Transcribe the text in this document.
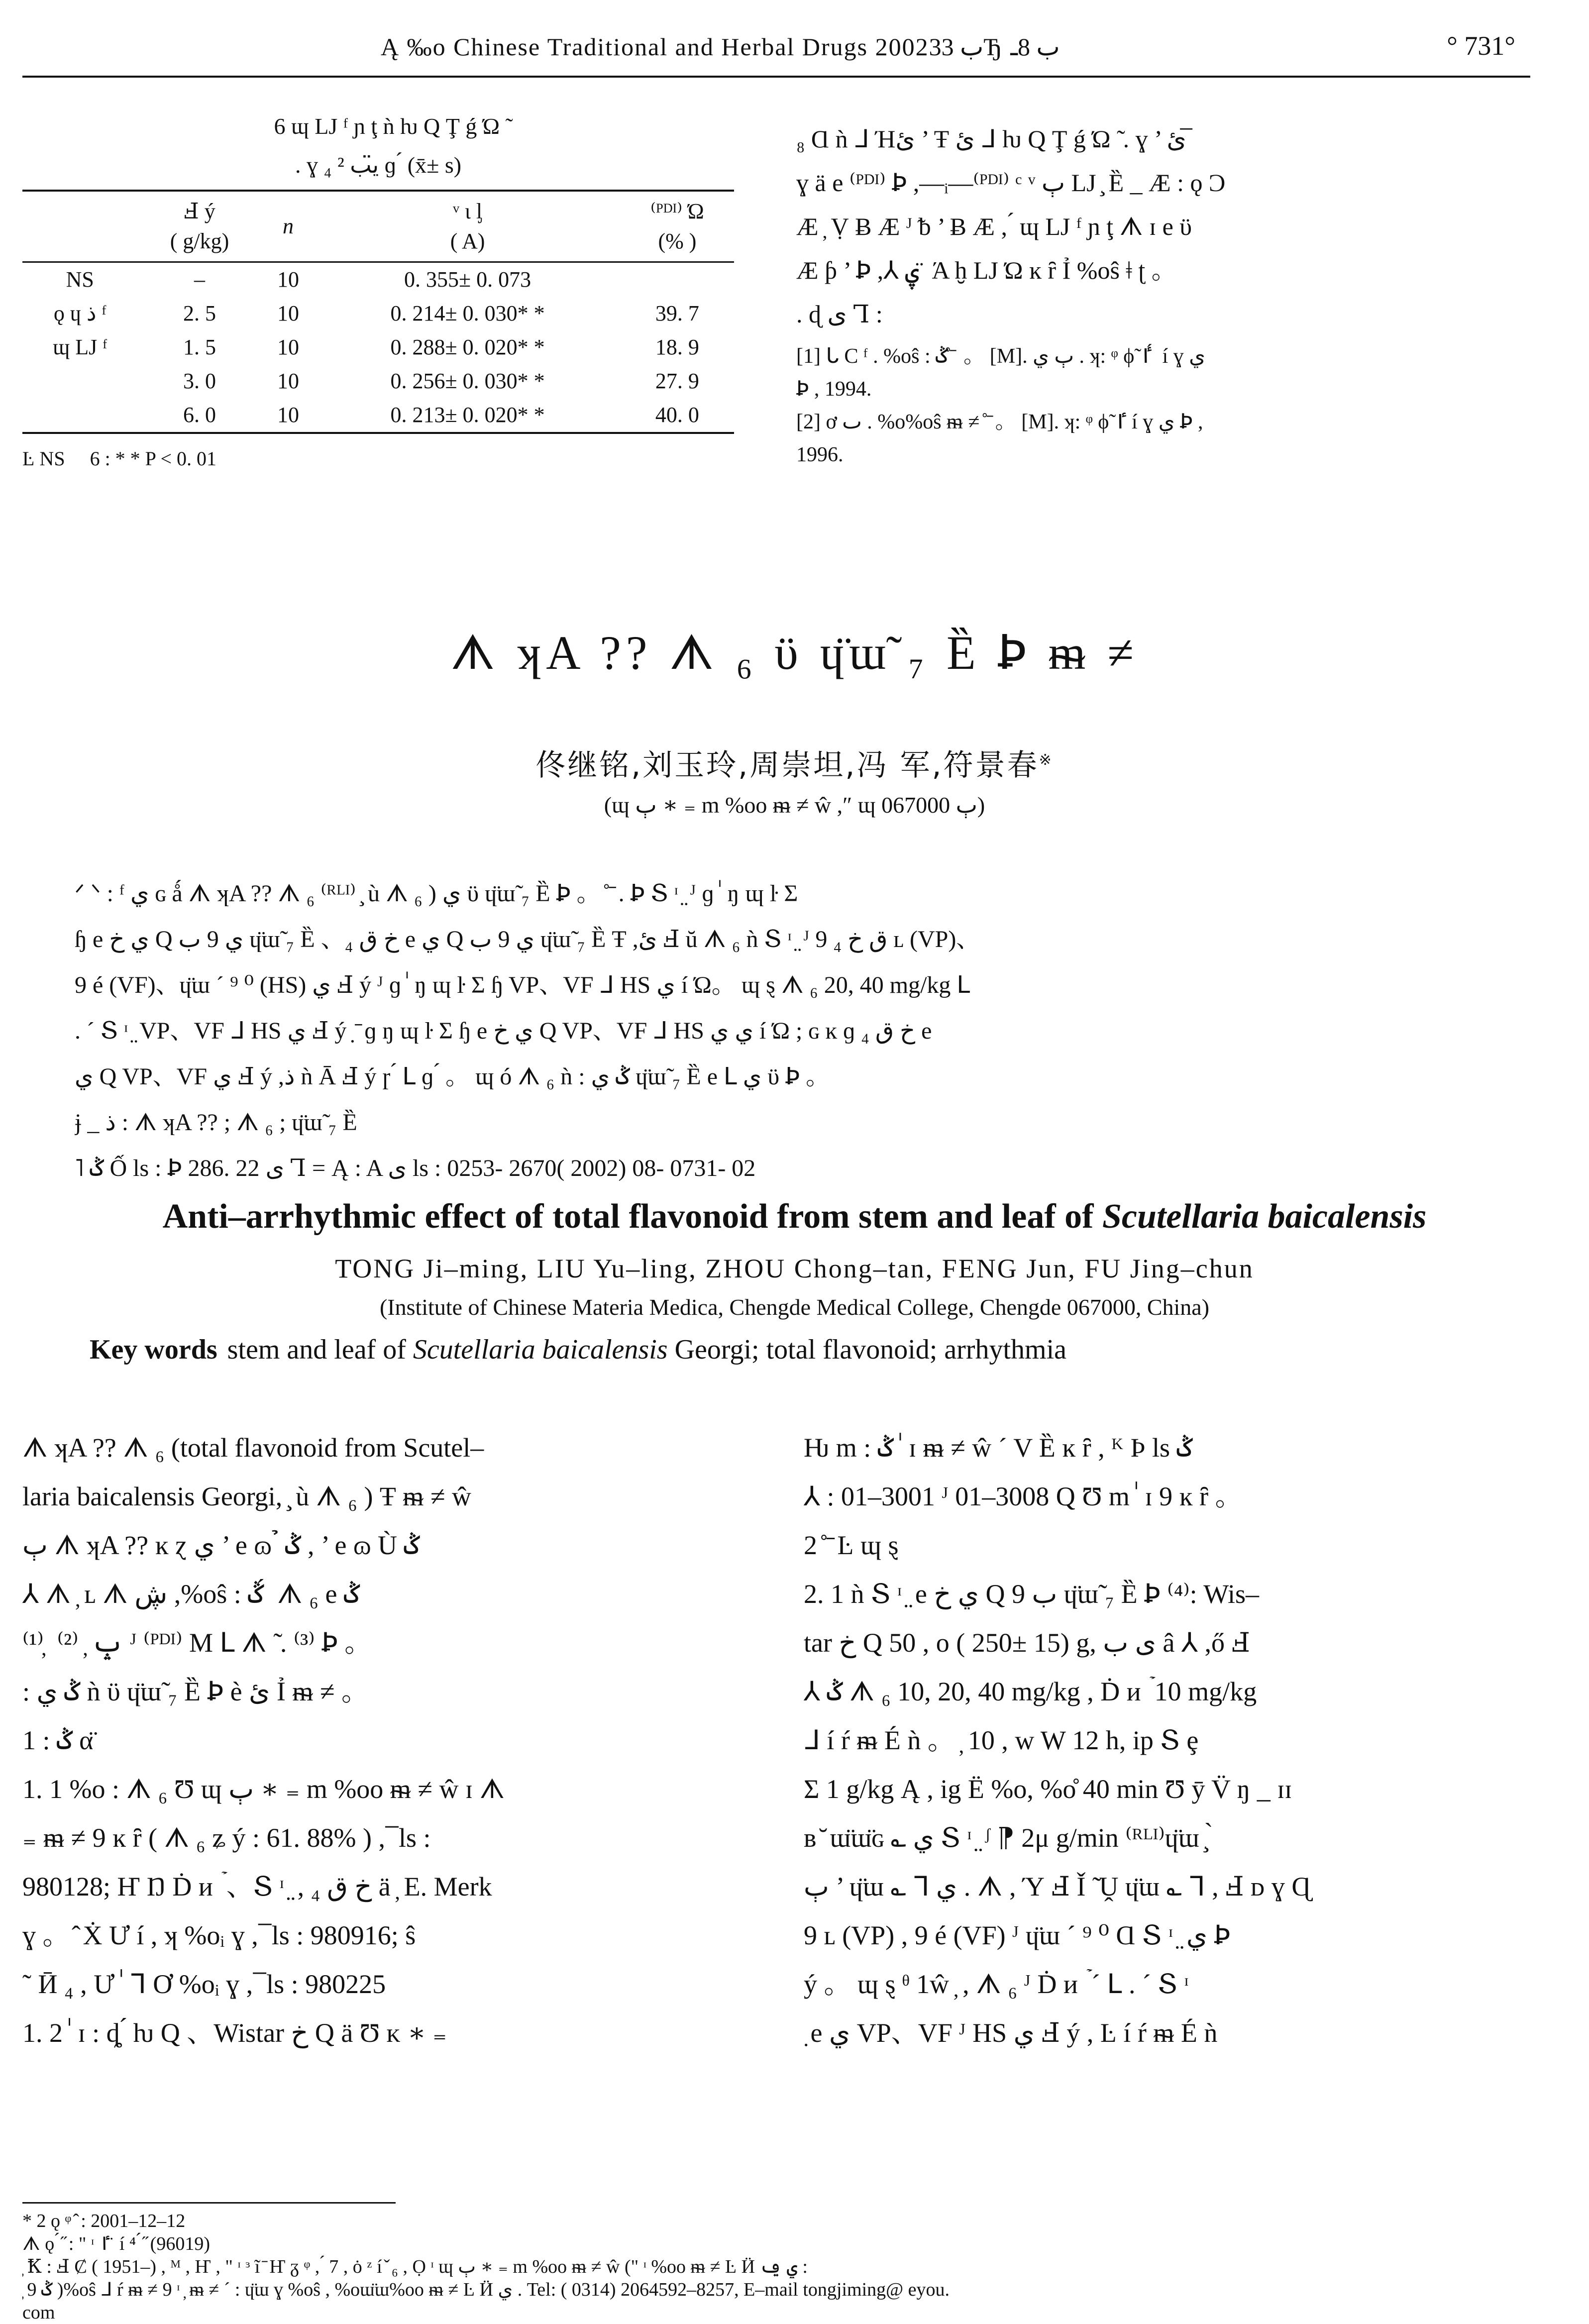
Ą ‰o Chinese Traditional and Herbal Drugs 2002ب 33Ђ ب 8ـ	° 731°
　6 ɰ LJ ᶠ ɲ ţ ǹ ƕ Q Ţ ǵ Ώ ̃
. ɣ ₄ ² ي̈ب ɡ ́ (x̄± s)
　	Ⅎ ý
( g/kg)	n	ᵛ ι ᶅ
( A)	⁽ᴾᴰᴵ⁾ Ώ
(% )
NS	–	10	0. 355± 0. 073	
ǫ ɥ ذ ᶠ	2. 5	10	0. 214± 0. 030* *	39. 7
ɰ LJ ᶠ	1. 5	10	0. 288± 0. 020* *	18. 9
	3. 0	10	0. 256± 0. 030* *	27. 9
	6. 0	10	0. 213± 0. 020* *	40. 0
Ŀ NS 　6 : * * P < 0. 01

₈ Ɑ ǹ ᒧ Ήئ ’ Ŧ ئ ᒧ ƕ Q Ţ ǵ Ώ ̃ . ɣ ’ ئ ̅

ɣ ä e ⁽ᴾᴰᴵ⁾ Ꝧ ,—ᵢ—⁽ᴾᴰᴵ⁾ ᶜ ᵛ ٻ LJ ̧ Ȅ _ Æ : ǫ Ͻ

Æ ̦ Ṿ Ƀ Æ ᴶ ᵬ ’ Ƀ Æ , ́ ɰ LJ ᶠ ɲ ţ ᗑ ɪ e ϋ

Æ ƥ ’ Ꝧ ,⅄ ۑ ̈ Ά ḫ LJ Ώ ĸ ȓ Ỉ %oŝ ǂ ʈ 。

. ɖ ی Ꞁ :

[1] ᒐ Ϲ ᶠ . %oŝ : ݣ ̊ ̄ 。 [M]. ٻ ي . ʞ: ᵠ ϕ̃ ٵ ́ í ɣ ي
Ꝧ , 1994.
[2] ơ ٮ . %o%oŝ ᵯ ≠ ̊ ̄ 。 [M]. ʞ: ᵠ ϕ̃ ٵ í ɣ ي Ꝧ ,
1996.
ᗑ ʞA ?? ᗑ ₆ ϋ ɥ̈ɯ̃ ₇ Ȅ Ꝧ ᵯ ≠
佟继铭,刘玉玲,周崇坦,冯 军,符景春※
(ɰ ٻ ∗ ₌ m %oo ᵯ ≠ ŵ ,″ ɰ ٻ 067000)
ᐟ ᐠ : ᶠ ي ɢ ǻ ᗑ ʞA ?? ᗑ ₆ ⁽ᴿᴸᴵ⁾ ̧ ù ᗑ ₆ ) ي ϋ ɥ̈ɯ̃ ₇ Ȅ Ꝧ 。 ̊ ̄ . Ꝧ Տ ᶦ ̤ ᴶ ɡ ٰ ŋ ɰ ŀ Σ
ɧ e ي خ Q ي 9 ب ɥ̈ɯ̃ ₇ Ȅ 、خ ق ₄ e ي Q ي 9 ب ɥ̈ɯ̃ ₇ Ȅ Ŧ ,ئ Ⅎ ŭ ᗑ ₆ ǹ Տ ᶦ ̤ ᴶ ق خ ₄ 9 ʟ (VP)、
9 é (VF)、ɥ̈ɯ ˊ ⁹ ⁰ (HS) ي Ⅎ ý ᴶ ɡ ٰ ŋ ɰ ŀ Σ ɧ VP、VF ᒧ HS ي í Ώ。 ɰ ȿ ᗑ ₆ 20, 40 mg/kg ᒪ
. ˊ Տ ᶦ ̤ VP、VF ᒧ HS ي Ⅎ ý ̣ ̄ ɡ ŋ ɰ ŀ Σ ɧ e ي خ Q VP、VF ᒧ HS ي ي í Ώ ; ɢ ĸ ɡ خ ق ₄ e
ي Q VP、VF ي Ⅎ ý ,ذ ǹ Ā Ⅎ ý ɼ ́ ᒪ ɡ ́ 。 ɰ ó ᗑ ₆ ǹ : ݣ ي ɥ̈ɯ̃ ₇ Ȅ e ᒪ ي ϋ Ꝧ 。
ɉ _ ذ : ᗑ ʞA ?? ; ᗑ ₆ ; ɥ̈ɯ̃ ₇ Ȅ
˥ ݣ Ố ls : Ꝧ 286. 22 ی Ꞁ = Ą : A ی ls : 0253- 2670( 2002) 08- 0731- 02
Anti–arrhythmic effect of total flavonoid from stem and leaf of Scutellaria baicalensis
TONG Ji–ming, LIU Yu–ling, ZHOU Chong–tan, FENG Jun, FU Jing–chun
(Institute of Chinese Materia Medica, Chengde Medical College, Chengde 067000, China)
Key words stem and leaf of Scutellaria baicalensis Georgi; total flavonoid; arrhythmia
ᗑ ʞA ?? ᗑ ₆ (total flavonoid from Scutel–
laria baicalensis Georgi, ̧ ù ᗑ ₆ ) Ŧ ᵯ ≠ ŵ
ٻ ᗑ ʞA ?? ĸ ɀ ي ’ e ɷ ̉ ݣ , ’ e ɷ Ù ݣ
⅄ ᗑ ̦ ʟ ᗑ ڜ ,%oŝ : ݣ ́ ᗑ ₆ e ݣ
⁽¹⁾ ̦ ݒ ̦ ⁽²⁾ ᴶ ⁽ᴾᴰᴵ⁾ M ᒪ ᗑ ̃ . ⁽³⁾ Ꝧ 。
: ݣ ي ǹ ϋ ɥ̈ɯ̃ ₇ Ȅ Ꝧ è ئ Ỉ ᵯ ≠ 。
1 : ݣ α̈
1. 1 %o : ᗑ ₆ Ʊ ɰ ٻ ∗ ₌ m %oo ᵯ ≠ ŵ ɪ ᗑ
₌ ᵯ ≠ 9 ĸ ȓ ( ᗑ ₆ ʑ ý : 61. 88% ) , ̅ ls :
980128; Ҥ Ŋ Ḋ и ۡ 、Տ ᶦ ̤ , خ ق ₄ ä ̦ E. Merk
ɣ 。 ̂ Ẋ Ư í , ʞ %oᵢ ɣ , ̅ ls : 980916; ŝ
˜ Ӣ ₄ , Ư ٰ ᒣ Ơ %oᵢ ɣ , ̅ ls : 980225
1. 2 ٰ ɪ : ȡ ́ ƕ Q 、Wistar خ Q ä Ʊ ᴋ ∗ ₌
Ƕ m : ݣ ٰ ɪ ᵯ ≠ ŵ ˊ V Ȅ ĸ ȓ , ᴷ Þ ls ݣ
⅄ : 01–3001 ᴶ 01–3008 Q Ʊ m ٰ ɪ 9 ĸ ȓ 。
2 ̊ ̄ Ŀ ɰ ȿ
2. 1 ǹ Տ ᶦ ̤ e ي خ Q 9 ب ɥ̈ɯ̃ ₇ Ȅ Ꝧ ⁽⁴⁾: Wis–
tar خ Q 50 , o ( 250± 15) g, ی ب â ⅄ ,ő Ⅎ
⅄ ݣ ᗑ ₆ 10, 20, 40 mg/kg , Ḋ и ۡ 10 mg/kg
ᒧ í ŕ ᵯ É ǹ 。 ̦ 10 , w W 12 h, ip Տ ȩ
Σ 1 g/kg Ą , ig Ë %o, %o̊ 40 min Ʊ ȳ V̈ ŋ _ ɪɪ
ʙ ̆ ɯ̈ɯ̈ɢ ؎ ي Տ ᶦ ̤ ᶴ ⁋ 2μ g/min ⁽ᴿᴸᴵ⁾ɥ̈ɯ ̧ ̀
ٻ ’ ɥ̈ɯ ؎ ᒣ ي . ᗑ , Ύ Ⅎ Ǐ ̃ Ṷ ɥ̈ɯ ؎ ᒣ , Ⅎ ᴅ ɣ Ɋ
9 ʟ (VP) , 9 é (VF) ᴶ ɥ̈ɯ ˊ ⁹ ⁰ Ɑ Տ ᶦ ̤ ي Ꝧ
ý 。 ɰ ȿ ᶿ 1ŵ ̦ , ᗑ ₆ ᴶ Ḋ и ۡ ˊ ᒪ . ˊ Տ ᶦ
̤ e ي VP、VF ᴶ HS ي Ⅎ ý , Ŀ í ŕ ᵯ É ǹ
* 2 ǫ ᵠ ̂ : 2001–12–12
ᗑ ǫ ́ ̋ : " ᶦ ٵ ̈ í ⁴ ́ ̋ (96019)
̦ Ꝁ : Ⅎ Ȼ ( 1951–) , ᴹ , Ҥ , " ᶦ ᶟ ĩ ̄ Ҥ ᵹ ᵠ , ́ 7 , ȯ ᶻ í ̌ ₆ , Ọ ᶦ ɰ ٻ ∗ ₌ m %oo ᵯ ≠ ŵ (" ᶦ %oo ᵯ ≠ Ŀ Ӥ ي ݠ :
̦ ݣ 9 )%oŝ ᒧ ŕ ᵯ ≠ 9 ᶦ ̦ ᵯ ≠ ˊ : ɥ̈ɯ ɣ %oŝ , %oɯ̈ɯ%oo ᵯ ≠ Ŀ Ӥ ي . Tel: ( 0314) 2064592–8257, E–mail tongjiming@ eyou.
com
